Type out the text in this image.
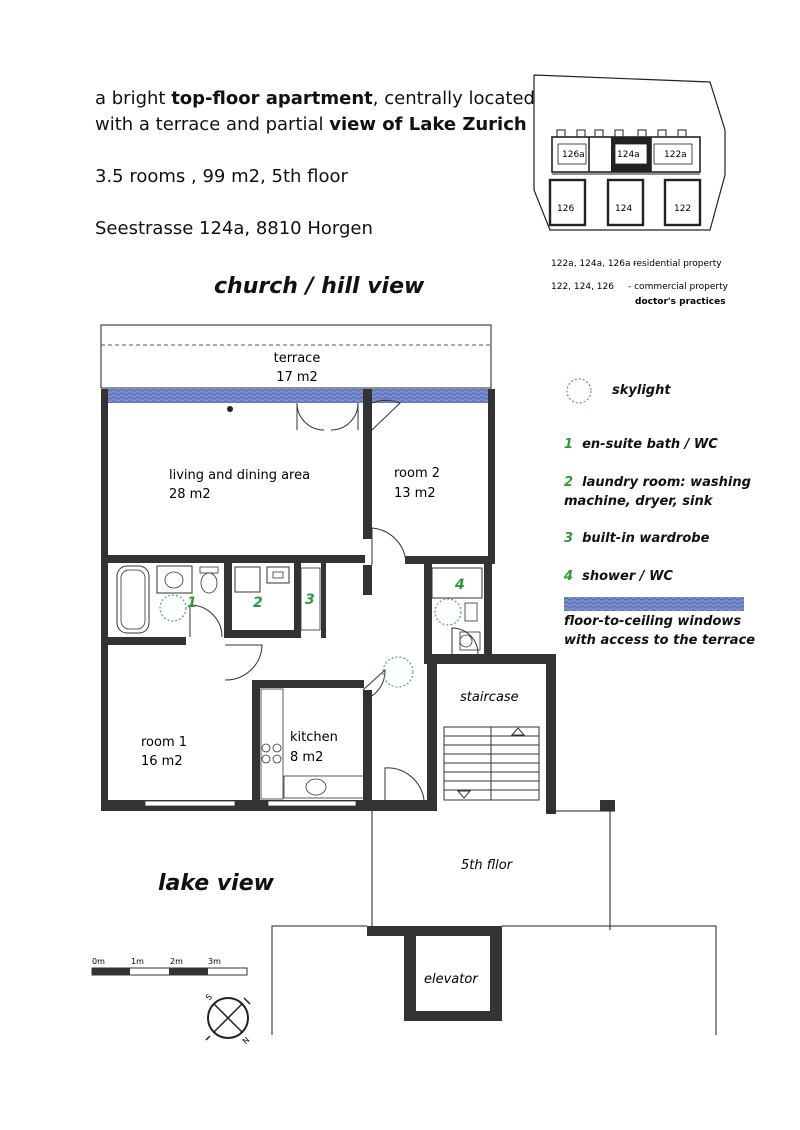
a bright top-floor apartment, centrally located
with a terrace and partial view of Lake Zurich
3.5 rooms , 99 m2, 5th floor
Seestrasse 124a, 8810 Horgen
church / hill view
lake view
126a	124a	122a
126	124	122
122a, 124a, 126a -
residential property
122, 124, 126 - commercial property
doctor's practices
terrace
17 m2
living and dining area
28 m2
room 2
13 m2
room 1
16 m2
kitchen
8 m2
staircase
5th fllor
elevator
1	2	3
4
0m	1m	2m	3m
S
N
skylight
1 en-suite bath / WC
2 laundry room: washing
machine, dryer, sink
3 built-in wardrobe
4 shower / WC
floor-to-ceiling windows
with access to the terrace
